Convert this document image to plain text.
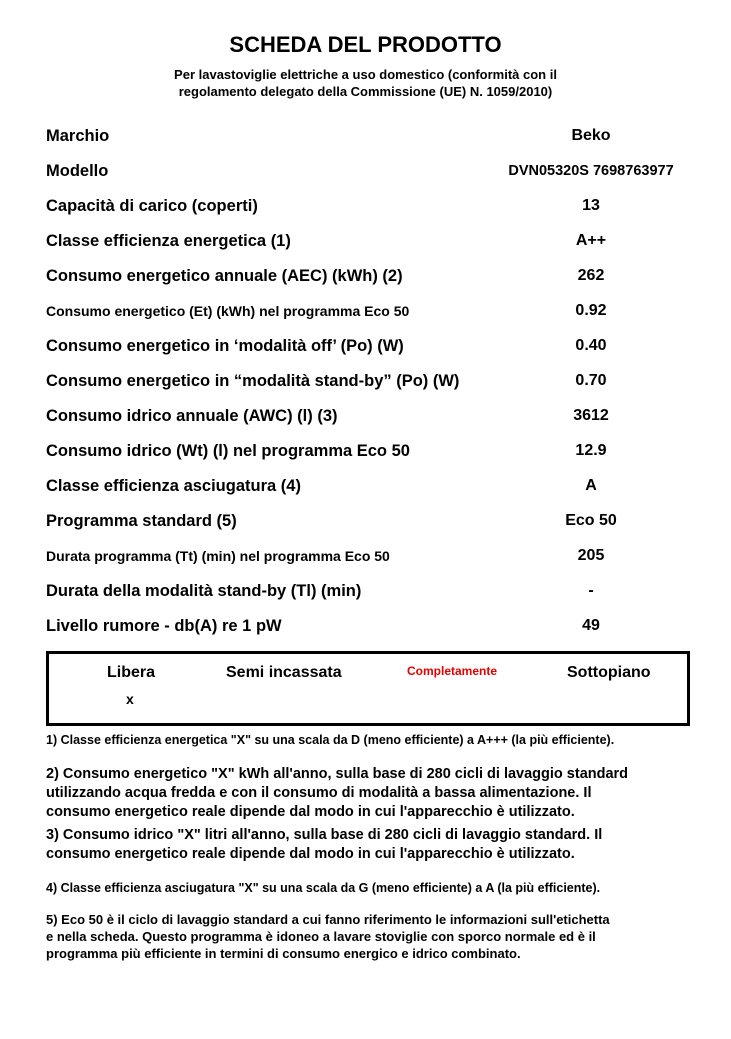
SCHEDA DEL PRODOTTO
Per lavastoviglie elettriche a uso domestico (conformità con il
regolamento delegato della Commissione (UE) N. 1059/2010)
Marchio	Beko
Modello	DVN05320S 7698763977
Capacità di carico (coperti)	13
Classe efficienza energetica (1)	A++
Consumo energetico annuale (AEC) (kWh) (2)	262
Consumo energetico (Et) (kWh) nel programma Eco 50	0.92
Consumo energetico in ‘modalità off’ (Po) (W)	0.40
Consumo energetico in “modalità stand-by” (Po) (W)	0.70
Consumo idrico annuale (AWC) (l) (3)	3612
Consumo idrico (Wt) (l) nel programma Eco 50	12.9
Classe efficienza asciugatura (4)	A
Programma standard (5)	Eco 50
Durata programma (Tt) (min) nel programma Eco 50	205
Durata della modalità stand-by (Tl) (min)	-
Livello rumore - db(A) re 1 pW	49
Libera	Semi incassata	Completamente	Sottopiano
x
1) Classe efficienza energetica "X" su una scala da D (meno efficiente) a A+++ (la più efficiente).
2) Consumo energetico "X" kWh all'anno, sulla base di 280 cicli di lavaggio standard
utilizzando acqua fredda e con il consumo di modalità a bassa alimentazione. Il
consumo energetico reale dipende dal modo in cui l'apparecchio è utilizzato.
3) Consumo idrico "X" litri all'anno, sulla base di 280 cicli di lavaggio standard. Il
consumo energetico reale dipende dal modo in cui l'apparecchio è utilizzato.
4) Classe efficienza asciugatura "X" su una scala da G (meno efficiente) a A (la più efficiente).
5) Eco 50 è il ciclo di lavaggio standard a cui fanno riferimento le informazioni sull'etichetta
e nella scheda. Questo programma è idoneo a lavare stoviglie con sporco normale ed è il
programma più efficiente in termini di consumo energico e idrico combinato.
